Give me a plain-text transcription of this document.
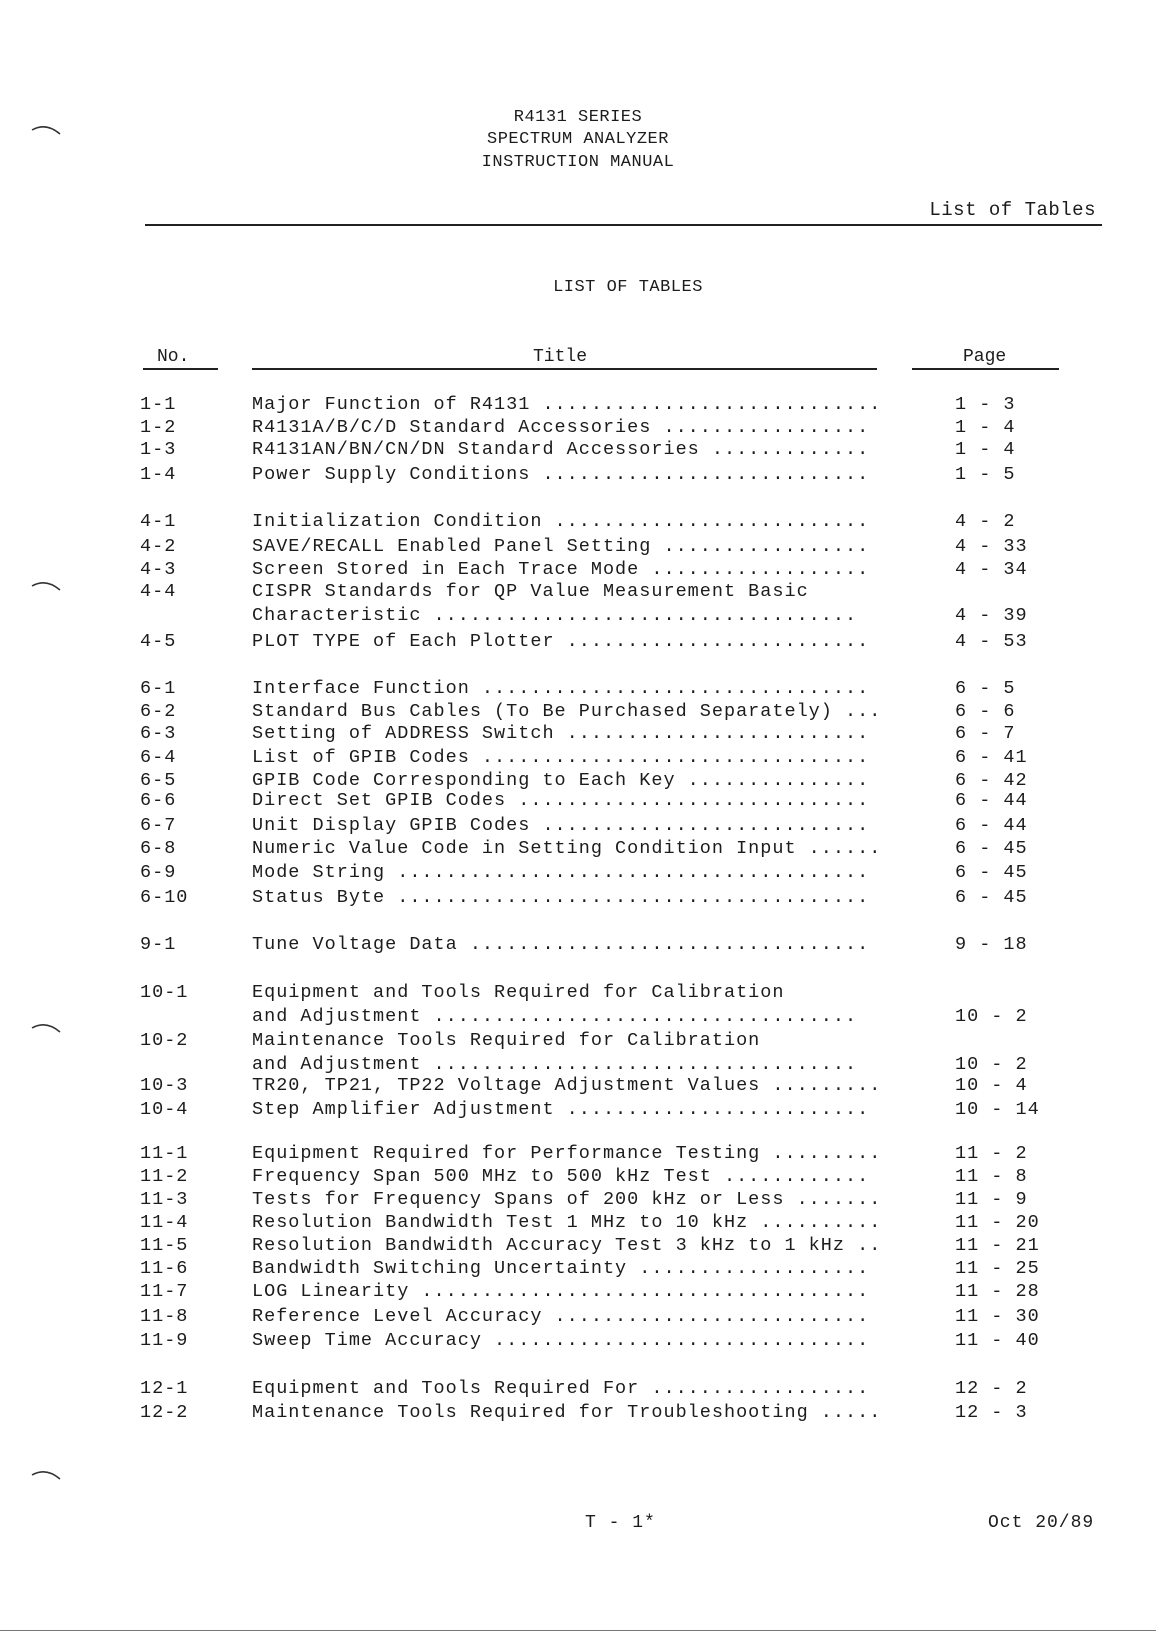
R4131 SERIES
SPECTRUM ANALYZER
INSTRUCTION MANUAL
List of Tables
LIST OF TABLES
No.	Title	Page
1-1	Major Function of R4131 ............................	1 - 3
1-2	R4131A/B/C/D Standard Accessories .................	1 - 4
1-3	R4131AN/BN/CN/DN Standard Accessories .............	1 - 4
1-4	Power Supply Conditions ...........................	1 - 5
4-1	Initialization Condition ..........................	4 - 2
4-2	SAVE/RECALL Enabled Panel Setting .................	4 - 33
4-3	Screen Stored in Each Trace Mode ..................	4 - 34
4-4	CISPR Standards for QP Value Measurement Basic
Characteristic ...................................	4 - 39
4-5	PLOT TYPE of Each Plotter .........................	4 - 53
6-1	Interface Function ................................	6 - 5
6-2	Standard Bus Cables (To Be Purchased Separately) ...	6 - 6
6-3	Setting of ADDRESS Switch .........................	6 - 7
6-4	List of GPIB Codes ................................	6 - 41
6-5	GPIB Code Corresponding to Each Key ...............	6 - 42
6-6	Direct Set GPIB Codes .............................	6 - 44
6-7	Unit Display GPIB Codes ...........................	6 - 44
6-8	Numeric Value Code in Setting Condition Input ......	6 - 45
6-9	Mode String .......................................	6 - 45
6-10	Status Byte .......................................	6 - 45
9-1	Tune Voltage Data .................................	9 - 18
10-1	Equipment and Tools Required for Calibration
and Adjustment ...................................	10 - 2
10-2	Maintenance Tools Required for Calibration
and Adjustment ...................................	10 - 2
10-3	TR20, TP21, TP22 Voltage Adjustment Values .........	10 - 4
10-4	Step Amplifier Adjustment .........................	10 - 14
11-1	Equipment Required for Performance Testing .........	11 - 2
11-2	Frequency Span 500 MHz to 500 kHz Test ............	11 - 8
11-3	Tests for Frequency Spans of 200 kHz or Less .......	11 - 9
11-4	Resolution Bandwidth Test 1 MHz to 10 kHz ..........	11 - 20
11-5	Resolution Bandwidth Accuracy Test 3 kHz to 1 kHz ..	11 - 21
11-6	Bandwidth Switching Uncertainty ...................	11 - 25
11-7	LOG Linearity .....................................	11 - 28
11-8	Reference Level Accuracy ..........................	11 - 30
11-9	Sweep Time Accuracy ...............................	11 - 40
12-1	Equipment and Tools Required For ..................	12 - 2
12-2	Maintenance Tools Required for Troubleshooting .....	12 - 3
T - 1*	Oct 20/89
